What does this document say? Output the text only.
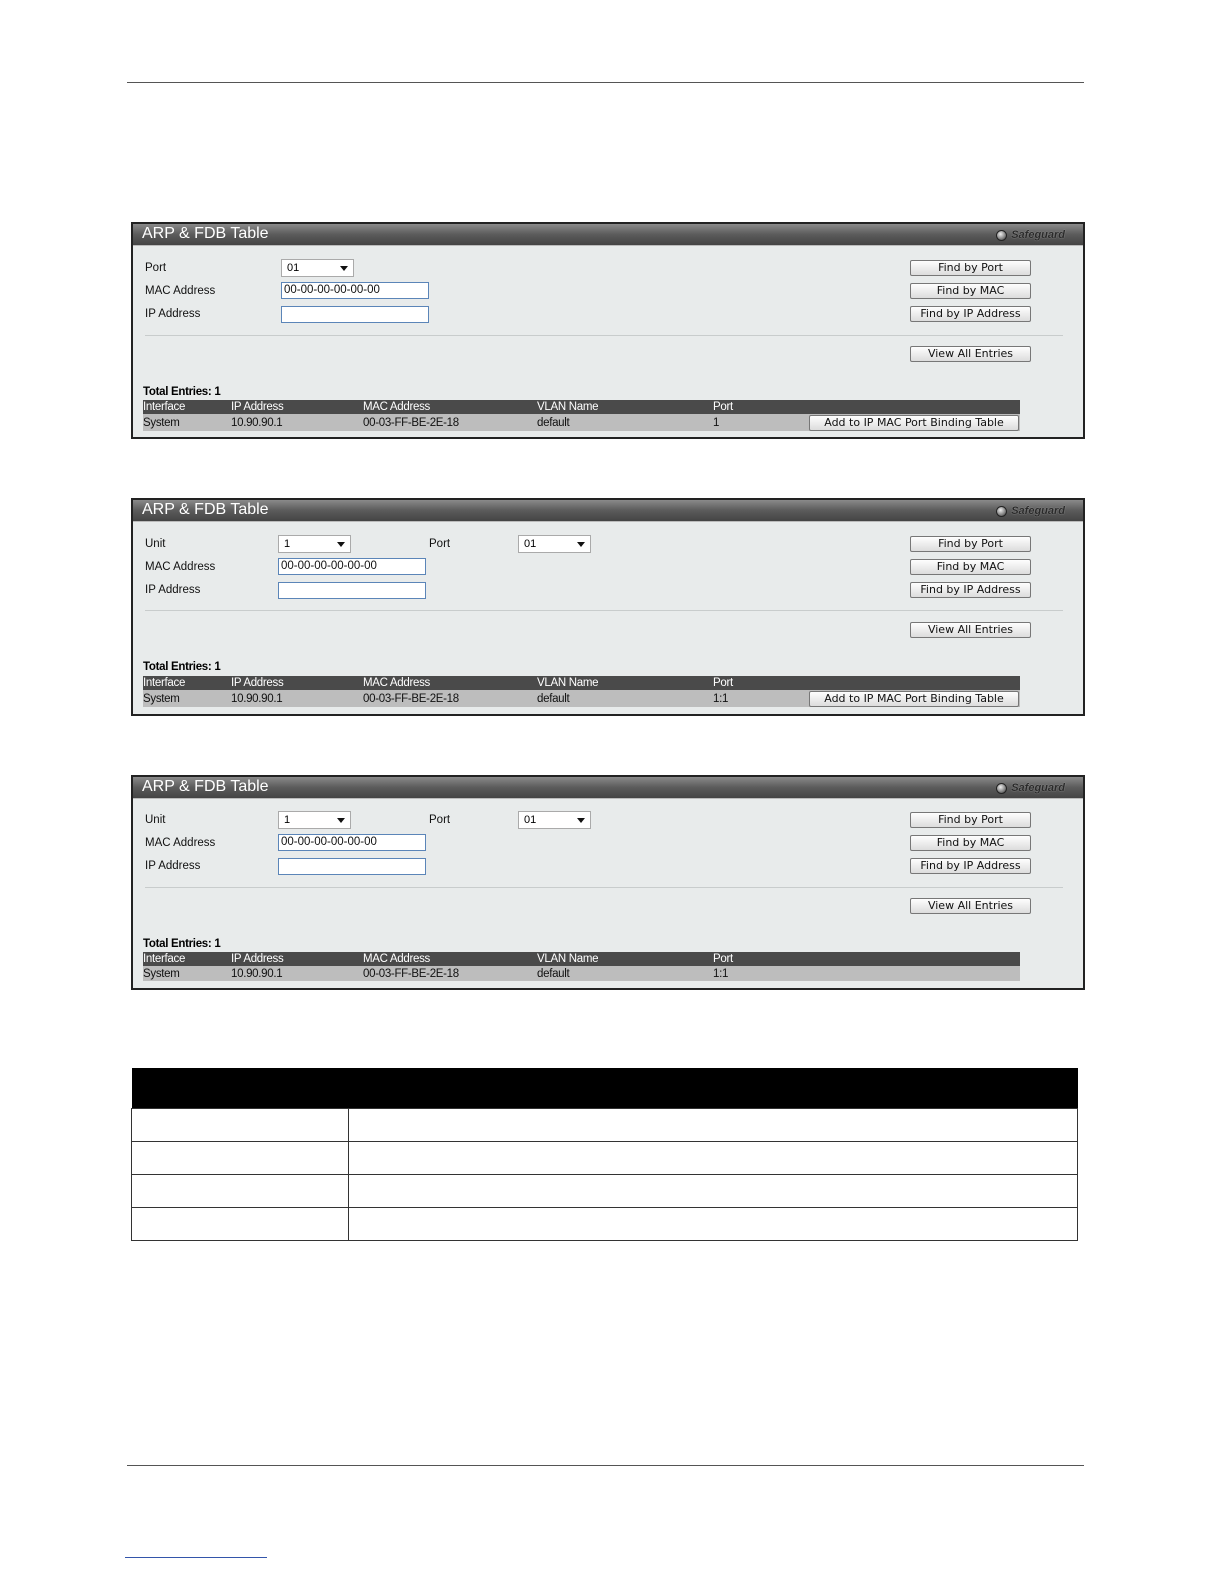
ARP & FDB Table	Safeguard
Port	01
MAC Address	00-00-00-00-00-00
IP Address
Find by Port
Find by MAC
Find by IP Address
View All Entries
Total Entries: 1
Interface	IP Address	MAC Address	VLAN Name	Port
System	10.90.90.1	00-03-FF-BE-2E-18	default	1	Add to IP MAC Port Binding Table
ARP & FDB Table	Safeguard
Unit	1	Port	01
MAC Address	00-00-00-00-00-00
IP Address
Find by Port
Find by MAC
Find by IP Address
View All Entries
Total Entries: 1
Interface	IP Address	MAC Address	VLAN Name	Port
System	10.90.90.1	00-03-FF-BE-2E-18	default	1:1	Add to IP MAC Port Binding Table
ARP & FDB Table	Safeguard
Unit	1	Port	01
MAC Address	00-00-00-00-00-00
IP Address
Find by Port
Find by MAC
Find by IP Address
View All Entries
Total Entries: 1
Interface	IP Address	MAC Address	VLAN Name	Port
System	10.90.90.1	00-03-FF-BE-2E-18	default	1:1
